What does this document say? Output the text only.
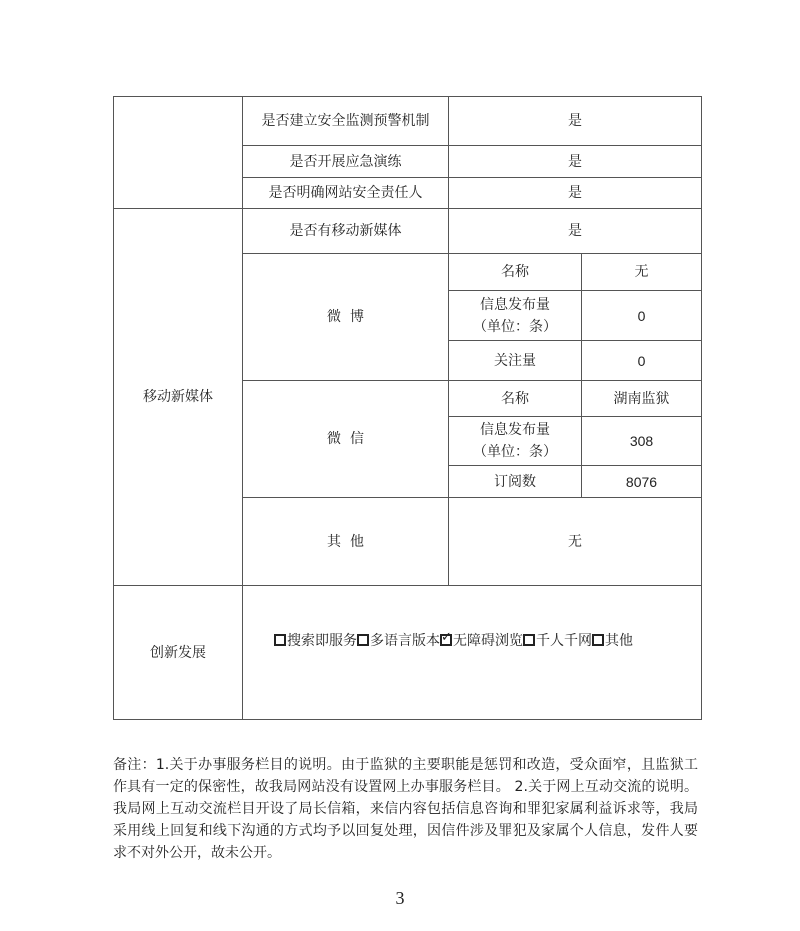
是否建立安全监测预警机制	是
是否开展应急演练	是
是否明确网站安全责任人	是
移动新媒体
是否有移动新媒体	是
微  博
名称	无
信息发布量
（单位：条）
0
关注量	0
微  信
名称	湖南监狱
信息发布量
（单位：条）
308
订阅数	8076
其  他	无
创新发展
搜索即服务 多语言版本
✓ 无障碍浏览 千人千网 其他
备注：1.关于办事服务栏目的说明。由于监狱的主要职能是惩罚和改造，受众面窄，且监狱工作具有一定的保密性，故我局网站没有设置网上办事服务栏目。 2.关于网上互动交流的说明。我局网上互动交流栏目开设了局长信箱，来信内容包括信息咨询和罪犯家属利益诉求等，我局采用线上回复和线下沟通的方式均予以回复处理，因信件涉及罪犯及家属个人信息，发件人要求不对外公开，故未公开。
3
